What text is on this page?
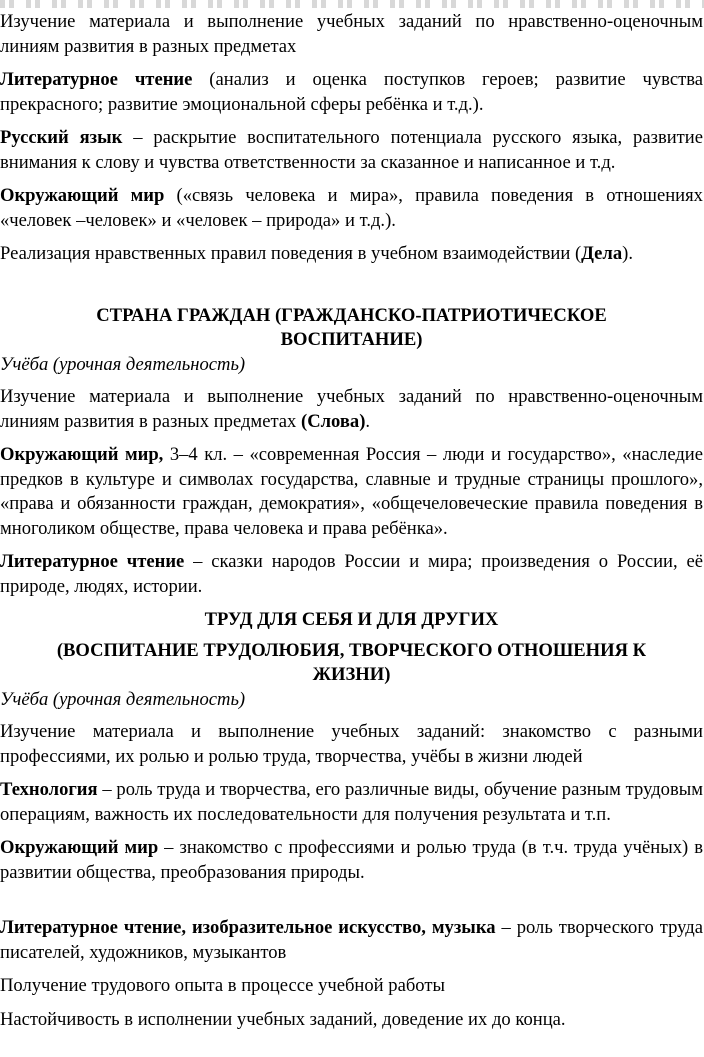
Изучение материала и выполнение учебных заданий по нравственно-оценочным линиям развития в разных предметах

Литературное чтение (анализ и оценка поступков героев; развитие чувства прекрасного; развитие эмоциональной сферы ребёнка и т.д.).

Русский язык – раскрытие воспитательного потенциала русского языка, развитие внимания к слову и чувства ответственности за сказанное и написанное и т.д.

Окружающий мир («связь человека и мира», правила поведения в отношениях «человек –человек» и «человек – природа» и т.д.).

Реализация нравственных правил поведения в учебном взаимодействии (Дела).

СТРАНА ГРАЖДАН (ГРАЖДАНСКО-ПАТРИОТИЧЕСКОЕ ВОСПИТАНИЕ)

Учёба (урочная деятельность)

Изучение материала и выполнение учебных заданий по нравственно-оценочным линиям развития в разных предметах (Слова).

Окружающий мир, 3–4 кл. – «современная Россия – люди и государство», «наследие предков в культуре и символах государства, славные и трудные страницы прошлого», «права и обязанности граждан, демократия», «общечеловеческие правила поведения в многоликом обществе, права человека и права ребёнка».

Литературное чтение – сказки народов России и мира; произведения о России, её природе, людях, истории.

ТРУД ДЛЯ СЕБЯ И ДЛЯ ДРУГИХ

(ВОСПИТАНИЕ ТРУДОЛЮБИЯ, ТВОРЧЕСКОГО ОТНОШЕНИЯ К ЖИЗНИ)

Учёба (урочная деятельность)

Изучение материала и выполнение учебных заданий: знакомство с разными профессиями, их ролью и ролью труда, творчества, учёбы в жизни людей

Технология – роль труда и творчества, его различные виды, обучение разным трудовым операциям, важность их последовательности для получения результата и т.п.

Окружающий мир – знакомство с профессиями и ролью труда (в т.ч. труда учёных) в развитии общества, преобразования природы.

Литературное чтение, изобразительное искусство, музыка – роль творческого труда писателей, художников, музыкантов

Получение трудового опыта в процессе учебной работы

Настойчивость в исполнении учебных заданий, доведение их до конца.
